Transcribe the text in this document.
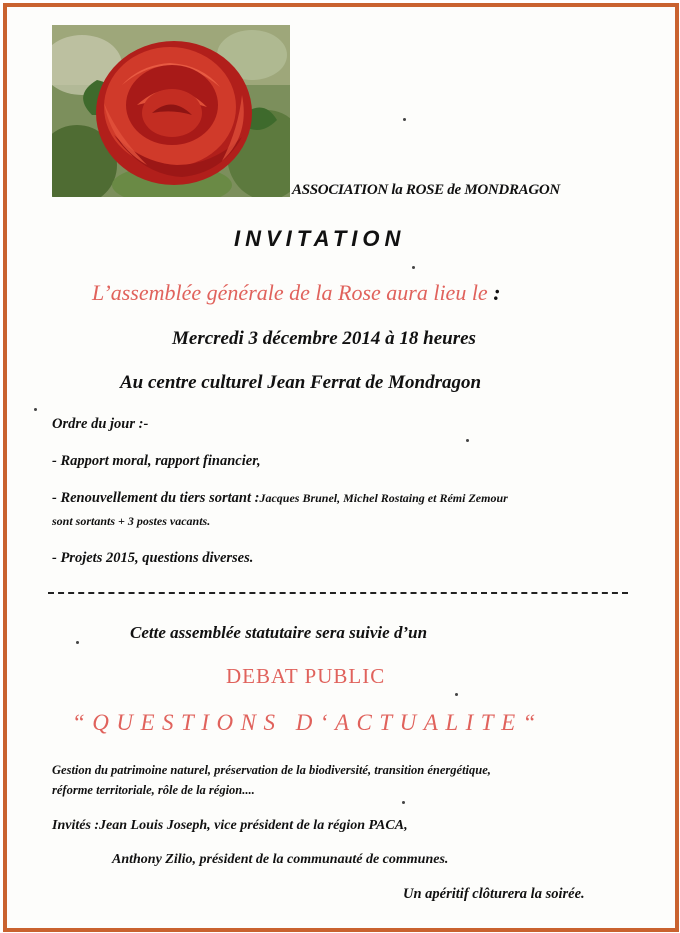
ASSOCIATION la ROSE de MONDRAGON
INVITATION
L’assemblée générale de la Rose aura lieu le :
Mercredi 3 décembre 2014 à 18 heures
Au centre culturel Jean Ferrat de Mondragon
Ordre du jour :-
- Rapport moral, rapport financier,
- Renouvellement du tiers sortant :Jacques Brunel, Michel Rostaing et Rémi Zemour
sont sortants + 3 postes vacants.
- Projets 2015, questions diverses.
Cette assemblée statutaire sera suivie d’un
DEBAT PUBLIC
“QUESTIONS D‘ACTUALITE“
Gestion du patrimoine naturel, préservation de la biodiversité, transition énergétique,
réforme territoriale, rôle de la région....
Invités :Jean Louis Joseph, vice président de la région PACA,
Anthony Zilio, président de la communauté de communes.
Un apéritif clôturera la soirée.
